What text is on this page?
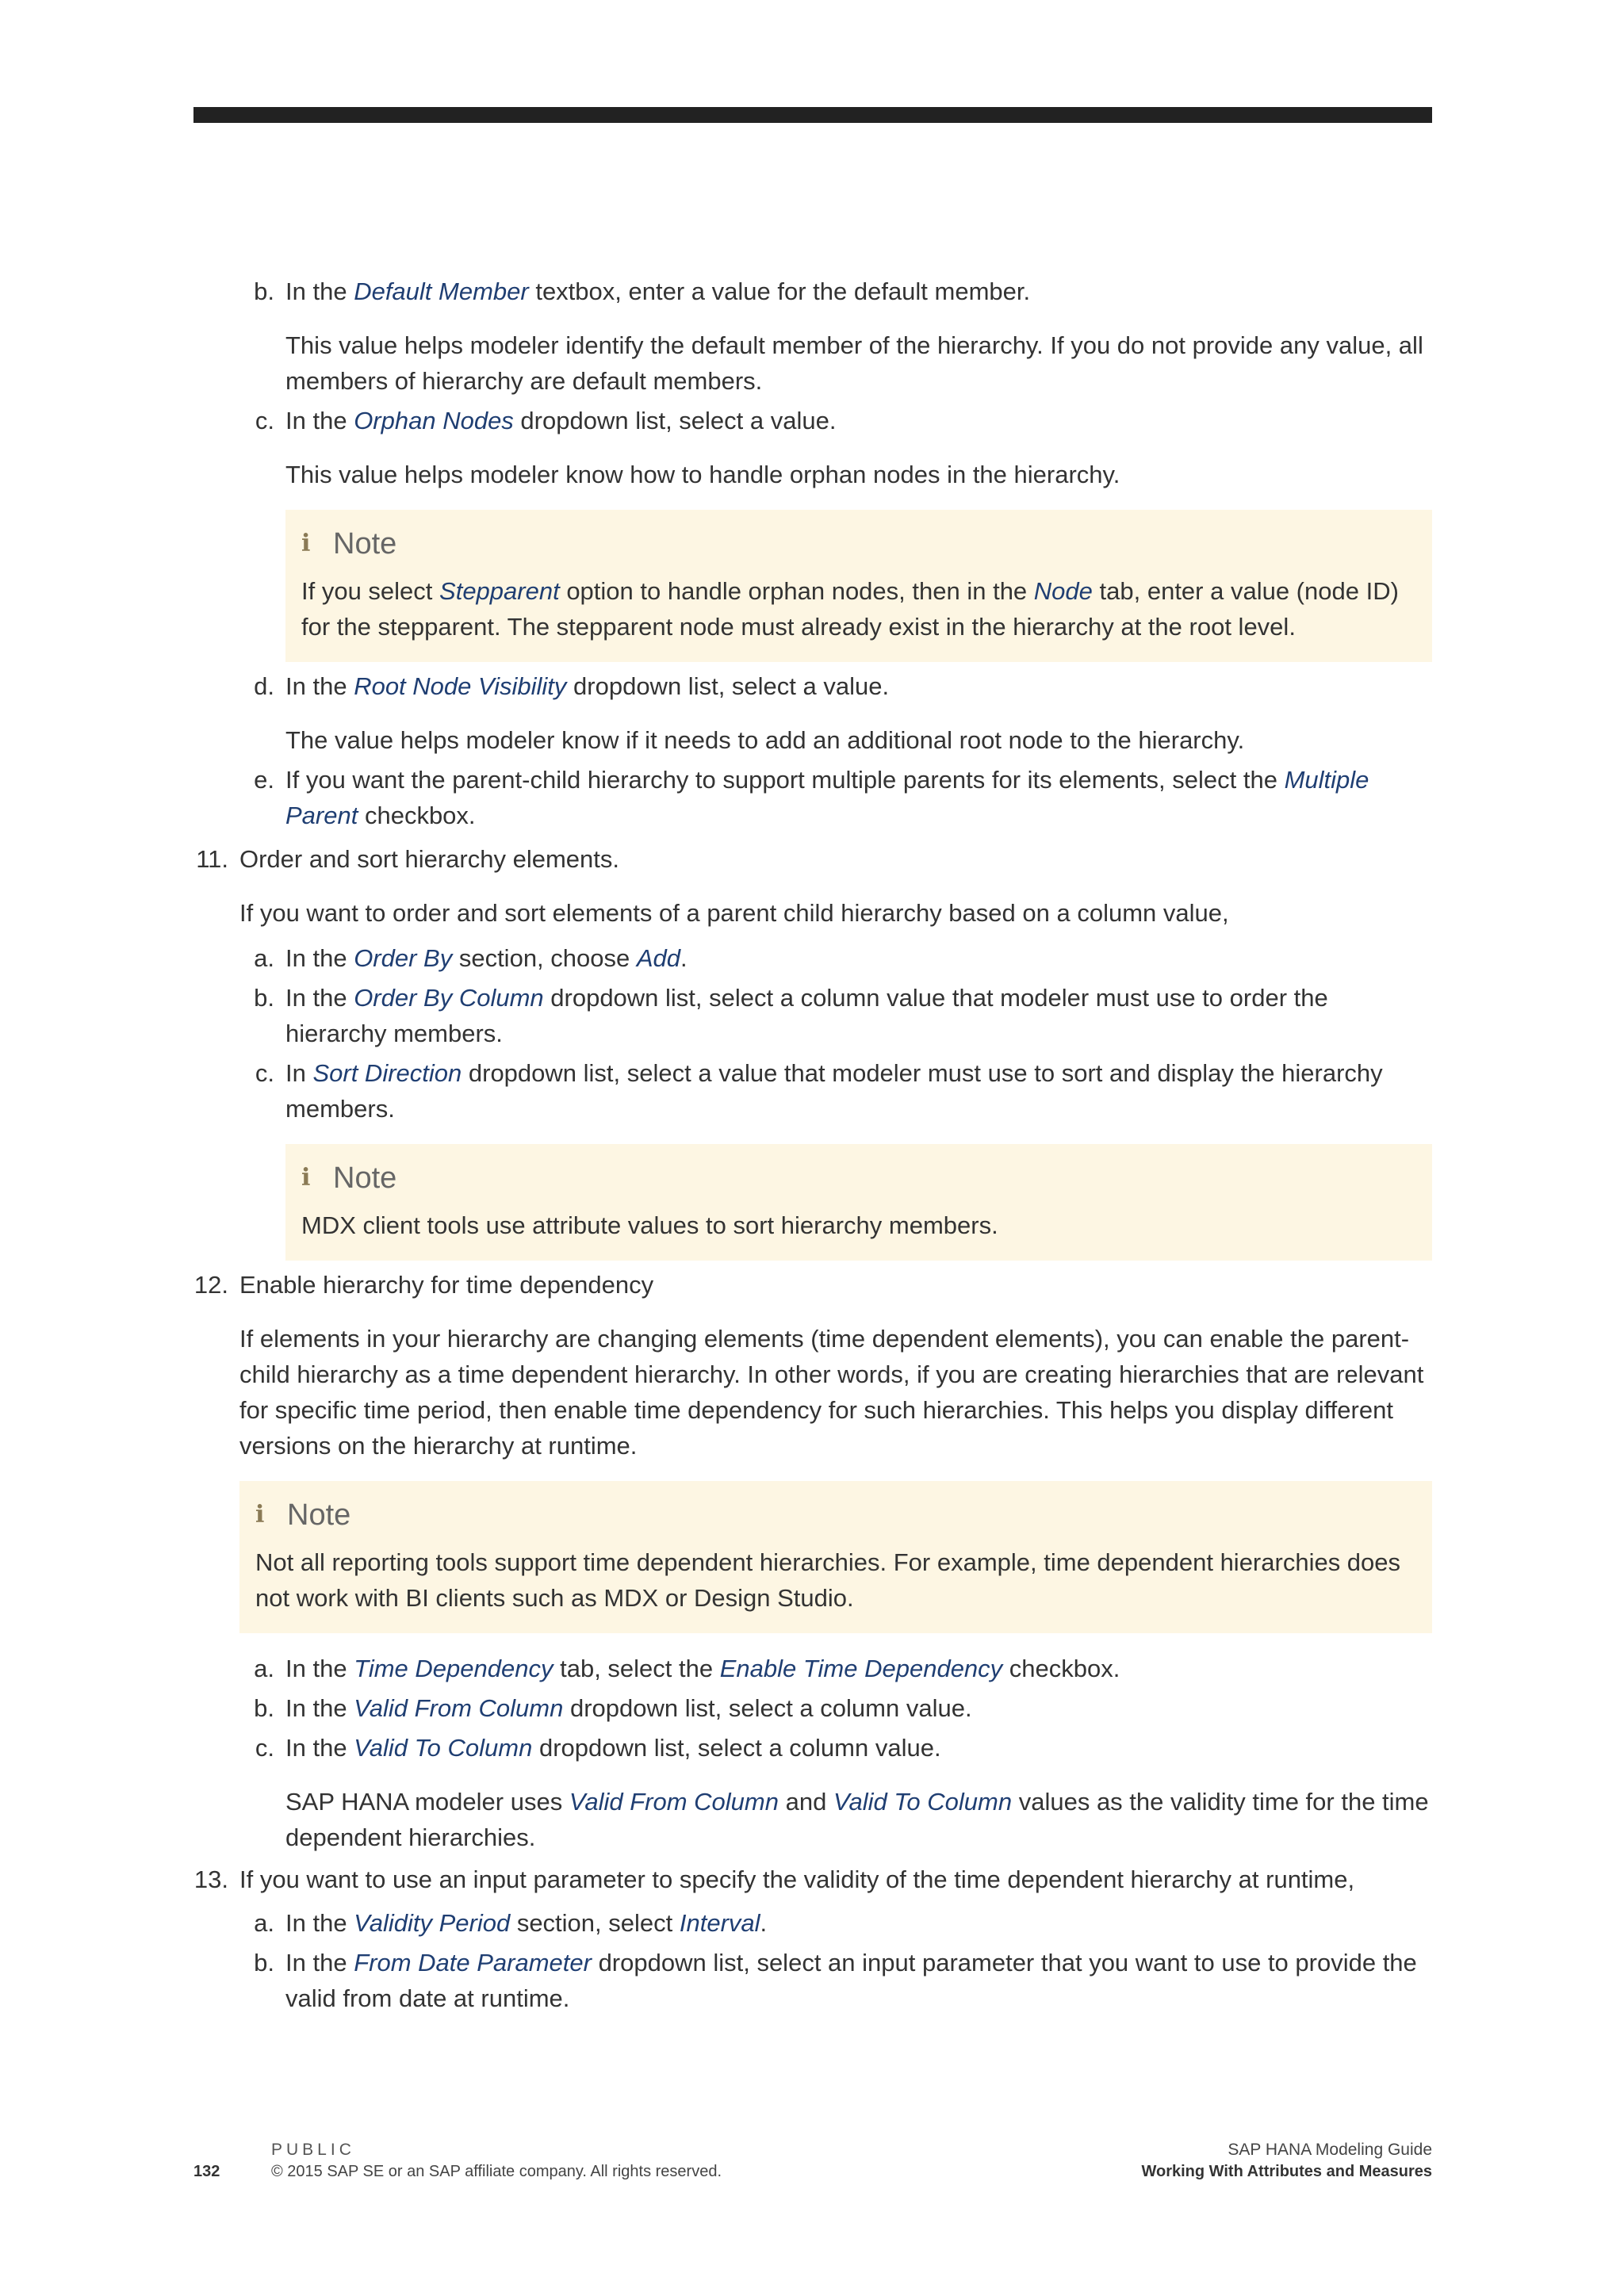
b. In the Default Member textbox, enter a value for the default member.
This value helps modeler identify the default member of the hierarchy. If you do not provide any value, all members of hierarchy are default members.
c. In the Orphan Nodes dropdown list, select a value.
This value helps modeler know how to handle orphan nodes in the hierarchy.
i Note
If you select Stepparent option to handle orphan nodes, then in the Node tab, enter a value (node ID) for the stepparent. The stepparent node must already exist in the hierarchy at the root level.
d. In the Root Node Visibility dropdown list, select a value.
The value helps modeler know if it needs to add an additional root node to the hierarchy.
e. If you want the parent-child hierarchy to support multiple parents for its elements, select the Multiple Parent checkbox.
11. Order and sort hierarchy elements.
If you want to order and sort elements of a parent child hierarchy based on a column value,
a. In the Order By section, choose Add.
b. In the Order By Column dropdown list, select a column value that modeler must use to order the hierarchy members.
c. In Sort Direction dropdown list, select a value that modeler must use to sort and display the hierarchy members.
i Note
MDX client tools use attribute values to sort hierarchy members.
12. Enable hierarchy for time dependency
If elements in your hierarchy are changing elements (time dependent elements), you can enable the parent-child hierarchy as a time dependent hierarchy. In other words, if you are creating hierarchies that are relevant for specific time period, then enable time dependency for such hierarchies. This helps you display different versions on the hierarchy at runtime.
i Note
Not all reporting tools support time dependent hierarchies. For example, time dependent hierarchies does not work with BI clients such as MDX or Design Studio.
a. In the Time Dependency tab, select the Enable Time Dependency checkbox.
b. In the Valid From Column dropdown list, select a column value.
c. In the Valid To Column dropdown list, select a column value.
SAP HANA modeler uses Valid From Column and Valid To Column values as the validity time for the time dependent hierarchies.
13. If you want to use an input parameter to specify the validity of the time dependent hierarchy at runtime,
a. In the Validity Period section, select Interval.
b. In the From Date Parameter dropdown list, select an input parameter that you want to use to provide the valid from date at runtime.
PUBLIC
132	© 2015 SAP SE or an SAP affiliate company. All rights reserved.
SAP HANA Modeling Guide
Working With Attributes and Measures
